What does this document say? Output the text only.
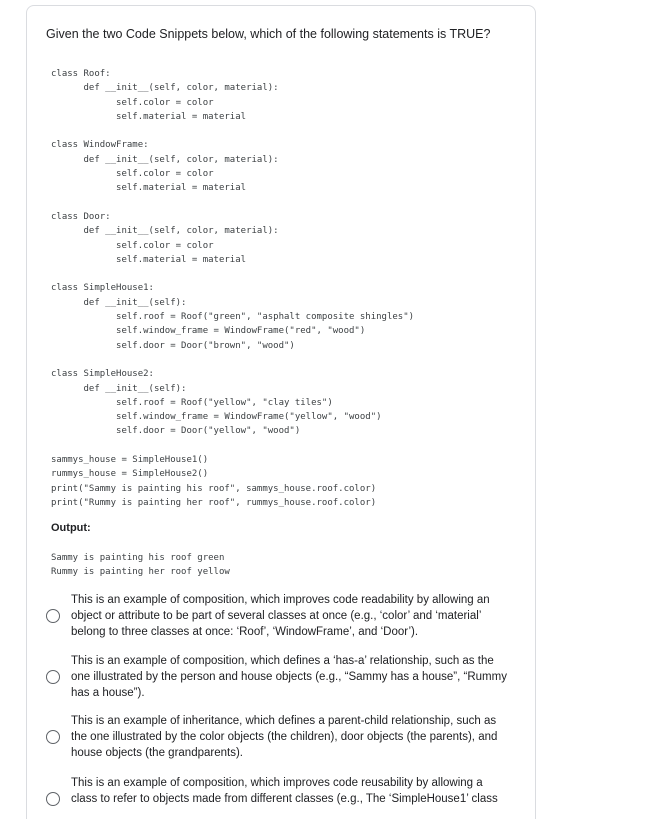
Given the two Code Snippets below, which of the following statements is TRUE?

class Roof:
def __init__(self, color, material):
self.color = color
self.material = material
class WindowFrame:
def __init__(self, color, material):
self.color = color
self.material = material
class Door:
def __init__(self, color, material):
self.color = color
self.material = material
class SimpleHouse1:
def __init__(self):
self.roof = Roof("green", "asphalt composite shingles")
self.window_frame = WindowFrame("red", "wood")
self.door = Door("brown", "wood")
class SimpleHouse2:
def __init__(self):
self.roof = Roof("yellow", "clay tiles")
self.window_frame = WindowFrame("yellow", "wood")
self.door = Door("yellow", "wood")
sammys_house = SimpleHouse1()
rummys_house = SimpleHouse2()
print("Sammy is painting his roof", sammys_house.roof.color)
print("Rummy is painting her roof", rummys_house.roof.color)

Output:

Sammy is painting his roof green
Rummy is painting her roof yellow

This is an example of composition, which improves code readability by allowing an
object or attribute to be part of several classes at once (e.g., ‘color’ and ‘material’
belong to three classes at once: ‘Roof’, ‘WindowFrame’, and ‘Door’).

This is an example of composition, which defines a ‘has-a’ relationship, such as the
one illustrated by the person and house objects (e.g., “Sammy has a house”, “Rummy
has a house”).

This is an example of inheritance, which defines a parent-child relationship, such as
the one illustrated by the color objects (the children), door objects (the parents), and
house objects (the grandparents).

This is an example of composition, which improves code reusability by allowing a
class to refer to objects made from different classes (e.g., The ‘SimpleHouse1’ class
